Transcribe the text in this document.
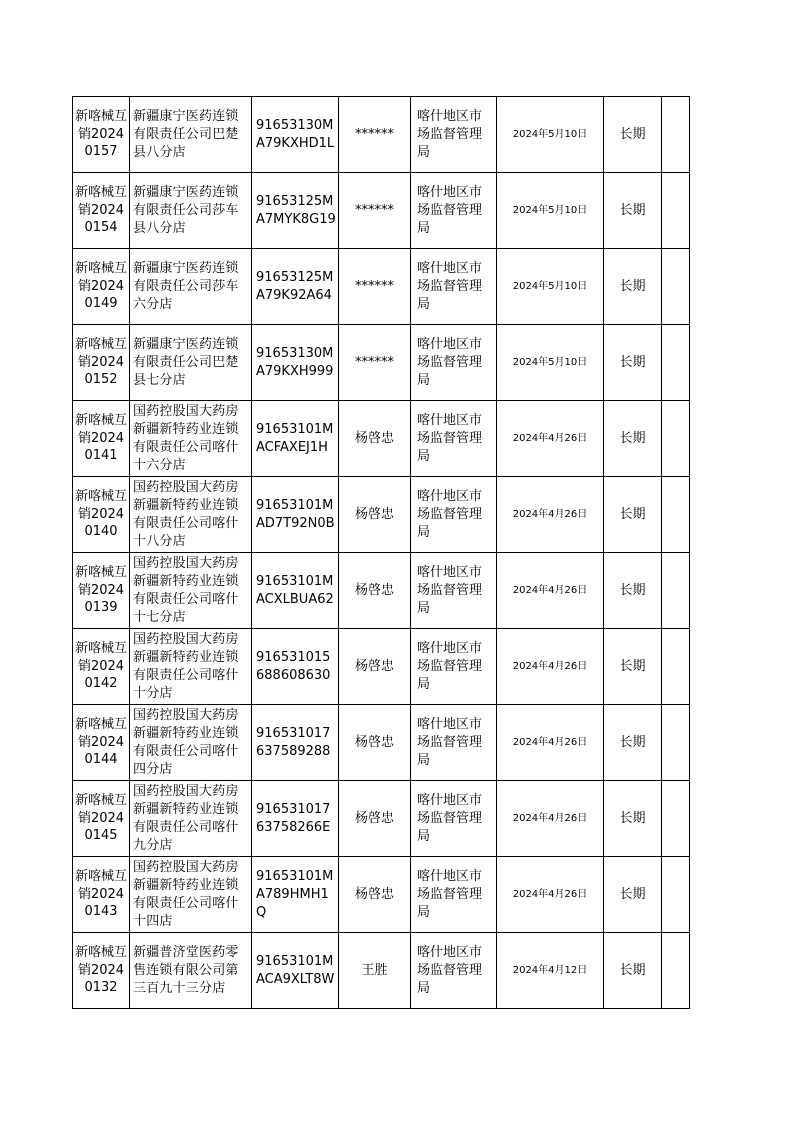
新喀械互销20240157	新疆康宁医药连锁有限责任公司巴楚县八分店	91653130MA79KXHD1L	******	喀什地区市场监督管理局	2024年5月10日	长期	
新喀械互销20240154	新疆康宁医药连锁有限责任公司莎车县八分店	91653125MA7MYK8G19	******	喀什地区市场监督管理局	2024年5月10日	长期	
新喀械互销20240149	新疆康宁医药连锁有限责任公司莎车六分店	91653125MA79K92A64	******	喀什地区市场监督管理局	2024年5月10日	长期	
新喀械互销20240152	新疆康宁医药连锁有限责任公司巴楚县七分店	91653130MA79KXH999	******	喀什地区市场监督管理局	2024年5月10日	长期	
新喀械互销20240141	国药控股国大药房新疆新特药业连锁有限责任公司喀什十六分店	91653101MACFAXEJ1H	杨啓忠	喀什地区市场监督管理局	2024年4月26日	长期	
新喀械互销20240140	国药控股国大药房新疆新特药业连锁有限责任公司喀什十八分店	91653101MAD7T92N0B	杨啓忠	喀什地区市场监督管理局	2024年4月26日	长期	
新喀械互销20240139	国药控股国大药房新疆新特药业连锁有限责任公司喀什十七分店	91653101MACXLBUA62	杨啓忠	喀什地区市场监督管理局	2024年4月26日	长期	
新喀械互销20240142	国药控股国大药房新疆新特药业连锁有限责任公司喀什十分店	916531015688608630	杨啓忠	喀什地区市场监督管理局	2024年4月26日	长期	
新喀械互销20240144	国药控股国大药房新疆新特药业连锁有限责任公司喀什四分店	916531017637589288	杨啓忠	喀什地区市场监督管理局	2024年4月26日	长期	
新喀械互销20240145	国药控股国大药房新疆新特药业连锁有限责任公司喀什九分店	91653101763758266E	杨啓忠	喀什地区市场监督管理局	2024年4月26日	长期	
新喀械互销20240143	国药控股国大药房新疆新特药业连锁有限责任公司喀什十四店	91653101MA789HMH1Q	杨啓忠	喀什地区市场监督管理局	2024年4月26日	长期	
新喀械互销20240132	新疆普济堂医药零售连锁有限公司第三百九十三分店	91653101MACA9XLT8W	王胜	喀什地区市场监督管理局	2024年4月12日	长期	
